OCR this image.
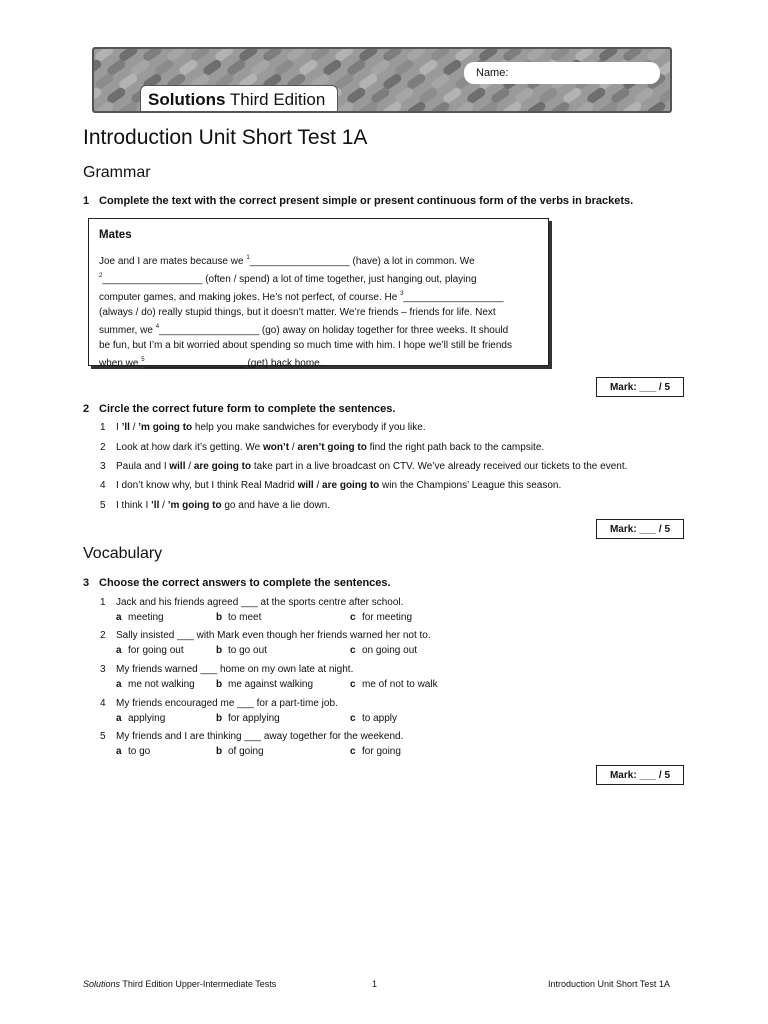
Name:
Solutions Third Edition
Introduction Unit Short Test 1A
Grammar
1 Complete the text with the correct present simple or present continuous form of the verbs in brackets.
Mates

Joe and I are mates because we $^1$__________________ (have) a lot in common. We

$^2$__________________ (often / spend) a lot of time together, just hanging out, playing

computer games, and making jokes. He’s not perfect, of course. He $^3$__________________

(always / do) really stupid things, but it doesn’t matter. We’re friends – friends for life. Next

summer, we $^4$__________________ (go) away on holiday together for three weeks. It should

be fun, but I’m a bit worried about spending so much time with him. I hope we’ll still be friends

when we $^5$__________________ (get) back home.

Mark: ___ / 5
2 Circle the correct future form to complete the sentences.
1 I ’ll / ’m going to help you make sandwiches for everybody if you like.
2 Look at how dark it’s getting. We won’t / aren’t going to find the right path back to the campsite.
3 Paula and I will / are going to take part in a live broadcast on CTV. We’ve already received our tickets to the event.
4 I don’t know why, but I think Real Madrid will / are going to win the Champions’ League this season.
5 I think I ’ll / ’m going to go and have a lie down.
Mark: ___ / 5
Vocabulary
3 Choose the correct answers to complete the sentences.
1 Jack and his friends agreed ___ at the sports centre after school.
a meeting	b to meet	c for meeting
2 Sally insisted ___ with Mark even though her friends warned her not to.
a for going out	b to go out	c on going out
3 My friends warned ___ home on my own late at night.
a me not walking b me against walking	c me of not to walk
4 My friends encouraged me ___ for a part-time job.
a applying	b for applying	c to apply
5 My friends and I are thinking ___ away together for the weekend.
a to go	b of going	c for going
Mark: ___ / 5
Solutions Third Edition Upper-Intermediate Tests	1	Introduction Unit Short Test 1A
